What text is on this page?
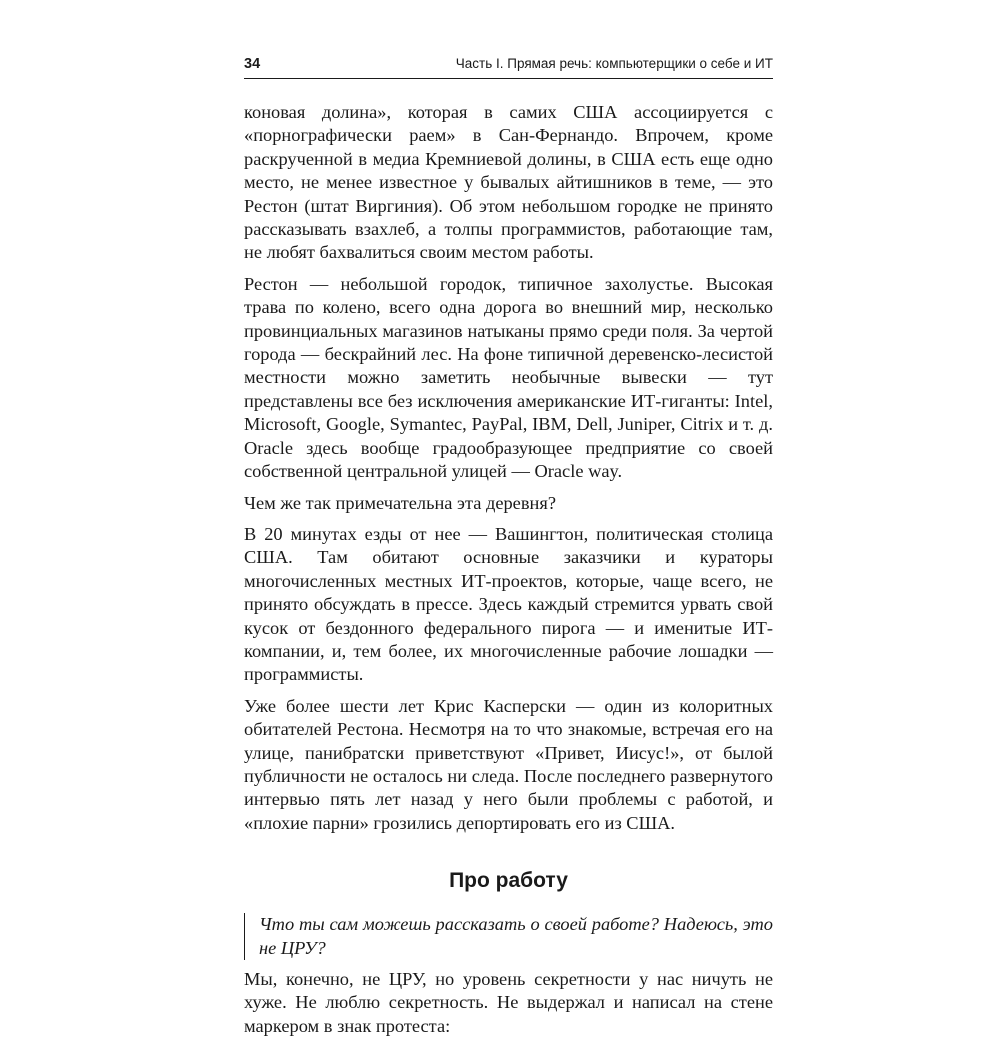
34	Часть I. Прямая речь: компьютерщики о себе и ИТ

коновая долина», которая в самих США ассоциируется с «порнографически раем» в Сан-Фернандо. Впрочем, кроме раскрученной в медиа Кремниевой долины, в США есть еще одно место, не менее известное у бывалых айтишников в теме, — это Рестон (штат Виргиния). Об этом небольшом городке не принято рассказывать взахлеб, а толпы программистов, работающие там, не любят бахвалиться своим местом работы.

Рестон — небольшой городок, типичное захолустье. Высокая трава по колено, всего одна дорога во внешний мир, несколько провинциальных магазинов натыканы прямо среди поля. За чертой города — бескрайний лес. На фоне типичной деревенско-лесистой местности можно заметить необычные вывески — тут представлены все без исключения американские ИТ-гиганты: Intel, Microsoft, Google, Symantec, PayPal, IBM, Dell, Juniper, Citrix и т. д. Oracle здесь вообще градообразующее предприятие со своей собственной центральной улицей — Oracle way.

Чем же так примечательна эта деревня?

В 20 минутах езды от нее — Вашингтон, политическая столица США. Там обитают основные заказчики и кураторы многочисленных местных ИТ-проектов, которые, чаще всего, не принято обсуждать в прессе. Здесь каждый стремится урвать свой кусок от бездонного федерального пирога — и именитые ИТ-компании, и, тем более, их многочисленные рабочие лошадки — программисты.

Уже более шести лет Крис Касперски — один из колоритных обитателей Рестона. Несмотря на то что знакомые, встречая его на улице, панибратски приветствуют «Привет, Иисус!», от былой публичности не осталось ни следа. После последнего развернутого интервью пять лет назад у него были проблемы с работой, и «плохие парни» грозились депортировать его из США.

Про работу
Что ты сам можешь рассказать о своей работе? Надеюсь, это не ЦРУ?

Мы, конечно, не ЦРУ, но уровень секретности у нас ничуть не хуже. Не люблю секретность. Не выдержал и написал на стене маркером в знак протеста:
